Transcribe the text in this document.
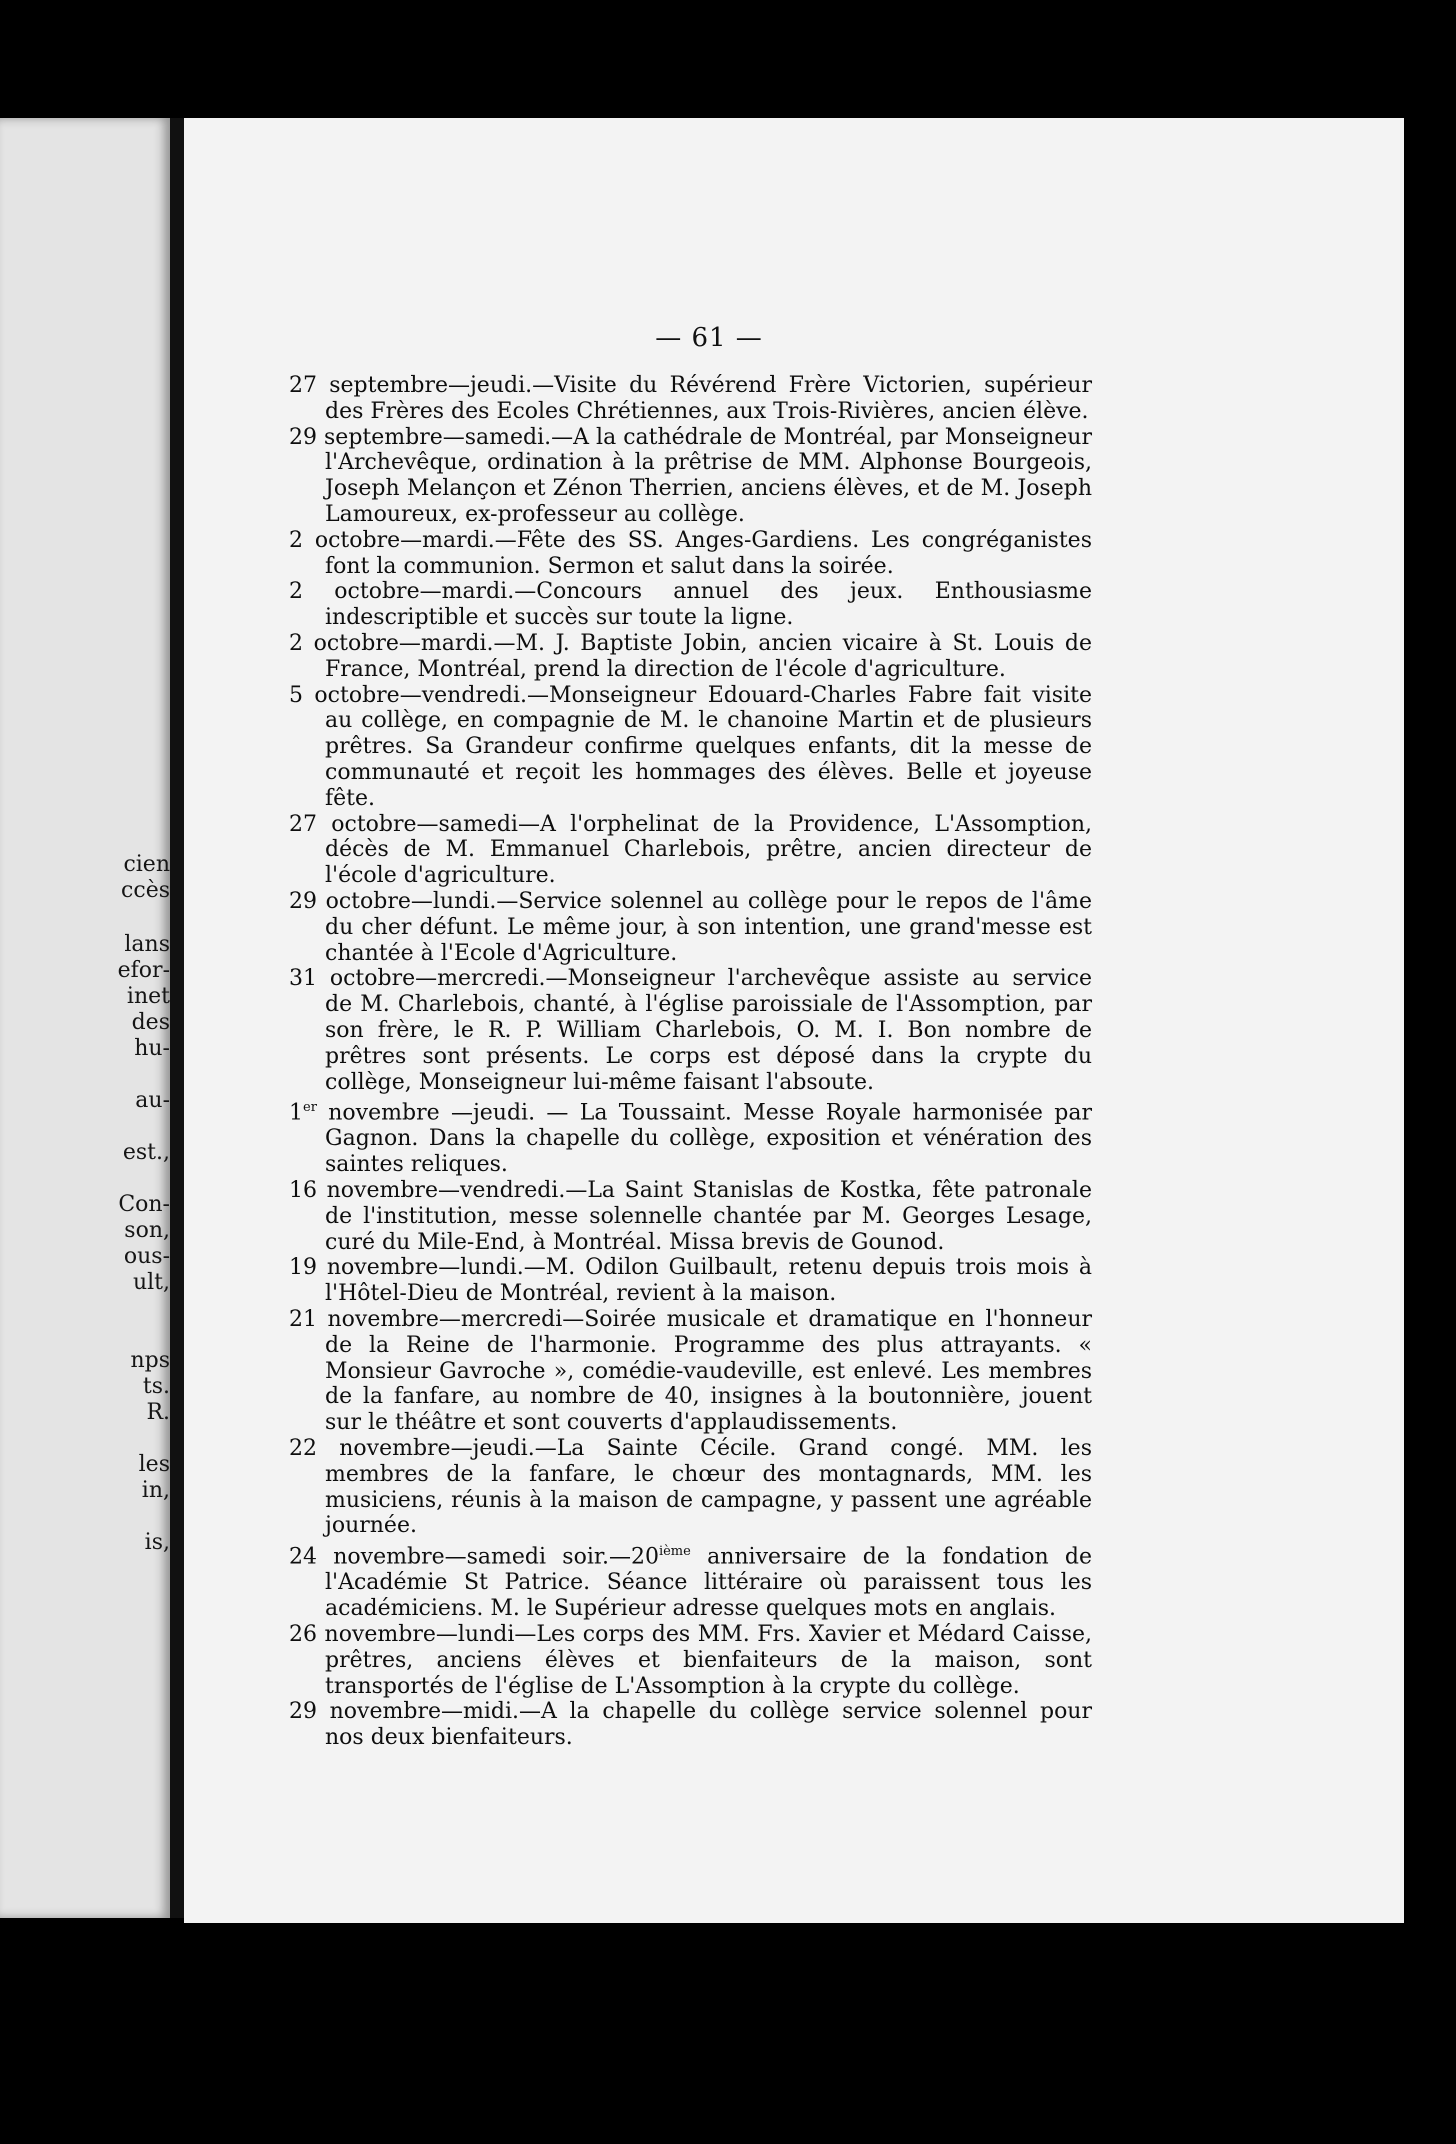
cien
ccès
lans
efor-
inet
des
hu-
au-
est.,
Con-
son,
ous-
ult,
nps
ts.
R.
les
in,
is,
— 61 —

27 septembre—jeudi.—Visite du Révérend Frère Victorien, supérieur des Frères des Ecoles Chrétiennes, aux Trois-Rivières, ancien élève.

29 septembre—samedi.—A la cathédrale de Montréal, par Monseigneur l'Archevêque, ordination à la prêtrise de MM. Alphonse Bourgeois, Joseph Melançon et Zénon Therrien, anciens élèves, et de M. Joseph Lamoureux, ex-professeur au collège.

2 octobre—mardi.—Fête des SS. Anges-Gardiens. Les congréganistes font la communion. Sermon et salut dans la soirée.

2 octobre—mardi.—Concours annuel des jeux. Enthousiasme indescriptible et succès sur toute la ligne.

2 octobre—mardi.—M. J. Baptiste Jobin, ancien vicaire à St. Louis de France, Montréal, prend la direction de l'école d'agriculture.

5 octobre—vendredi.—Monseigneur Edouard-Charles Fabre fait visite au collège, en compagnie de M. le chanoine Martin et de plusieurs prêtres. Sa Grandeur confirme quelques enfants, dit la messe de communauté et reçoit les hommages des élèves. Belle et joyeuse fête.

27 octobre—samedi—A l'orphelinat de la Providence, L'Assomption, décès de M. Emmanuel Charlebois, prêtre, ancien directeur de l'école d'agriculture.

29 octobre—lundi.—Service solennel au collège pour le repos de l'âme du cher défunt. Le même jour, à son intention, une grand'messe est chantée à l'Ecole d'Agriculture.

31 octobre—mercredi.—Monseigneur l'archevêque assiste au service de M. Charlebois, chanté, à l'église paroissiale de l'Assomption, par son frère, le R. P. William Charlebois, O. M. I. Bon nombre de prêtres sont présents. Le corps est déposé dans la crypte du collège, Monseigneur lui-même faisant l'absoute.

1er novembre —jeudi. — La Toussaint. Messe Royale harmonisée par Gagnon. Dans la chapelle du collège, exposition et vénération des saintes reliques.

16 novembre—vendredi.—La Saint Stanislas de Kostka, fête patronale de l'institution, messe solennelle chantée par M. Georges Lesage, curé du Mile-End, à Montréal. Missa brevis de Gounod.

19 novembre—lundi.—M. Odilon Guilbault, retenu depuis trois mois à l'Hôtel-Dieu de Montréal, revient à la maison.

21 novembre—mercredi—Soirée musicale et dramatique en l'honneur de la Reine de l'harmonie. Programme des plus attrayants. « Monsieur Gavroche », comédie-vaudeville, est enlevé. Les membres de la fanfare, au nombre de 40, insignes à la boutonnière, jouent sur le théâtre et sont couverts d'applaudissements.

22 novembre—jeudi.—La Sainte Cécile. Grand congé. MM. les membres de la fanfare, le chœur des montagnards, MM. les musiciens, réunis à la maison de campagne, y passent une agréable journée.

24 novembre—samedi soir.—20ième anniversaire de la fondation de l'Académie St Patrice. Séance littéraire où paraissent tous les académiciens. M. le Supérieur adresse quelques mots en anglais.

26 novembre—lundi—Les corps des MM. Frs. Xavier et Médard Caisse, prêtres, anciens élèves et bienfaiteurs de la maison, sont transportés de l'église de L'Assomption à la crypte du collège.

29 novembre—midi.—A la chapelle du collège service solennel pour nos deux bienfaiteurs.
